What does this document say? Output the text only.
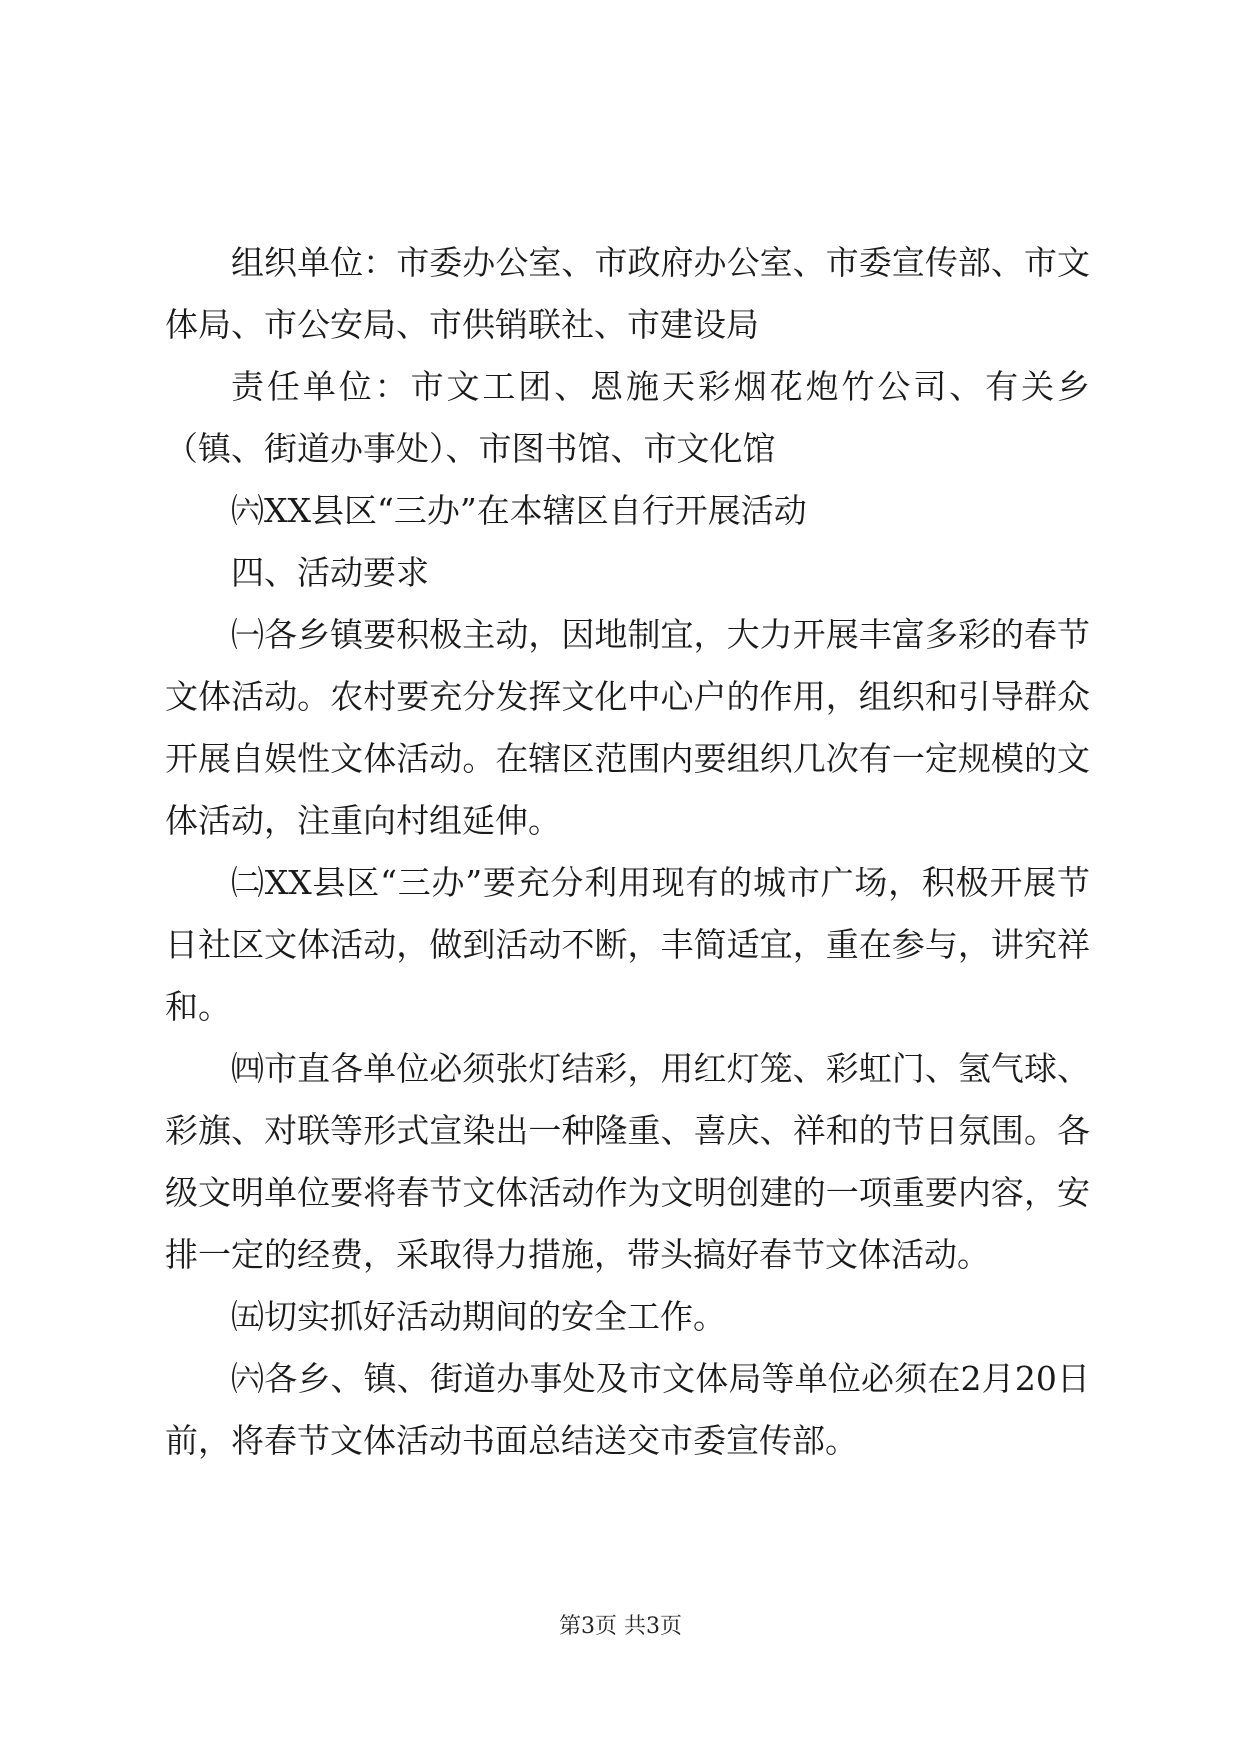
组织单位：市委办公室、市政府办公室、市委宣传部、市文体局、市公安局、市供销联社、市建设局

责任单位：市文工团、恩施天彩烟花炮竹公司、有关乡（镇、街道办事处）、市图书馆、市文化馆

㈥XX县区“三办”在本辖区自行开展活动

四、活动要求

㈠各乡镇要积极主动，因地制宜，大力开展丰富多彩的春节文体活动。农村要充分发挥文化中心户的作用，组织和引导群众开展自娱性文体活动。在辖区范围内要组织几次有一定规模的文体活动，注重向村组延伸。

㈡XX县区“三办”要充分利用现有的城市广场，积极开展节日社区文体活动，做到活动不断，丰简适宜，重在参与，讲究祥和。

㈣市直各单位必须张灯结彩，用红灯笼、彩虹门、氢气球、彩旗、对联等形式宣染出一种隆重、喜庆、祥和的节日氛围。各级文明单位要将春节文体活动作为文明创建的一项重要内容，安排一定的经费，采取得力措施，带头搞好春节文体活动。

㈤切实抓好活动期间的安全工作。

㈥各乡、镇、街道办事处及市文体局等单位必须在2月20日前，将春节文体活动书面总结送交市委宣传部。

第3页 共3页
